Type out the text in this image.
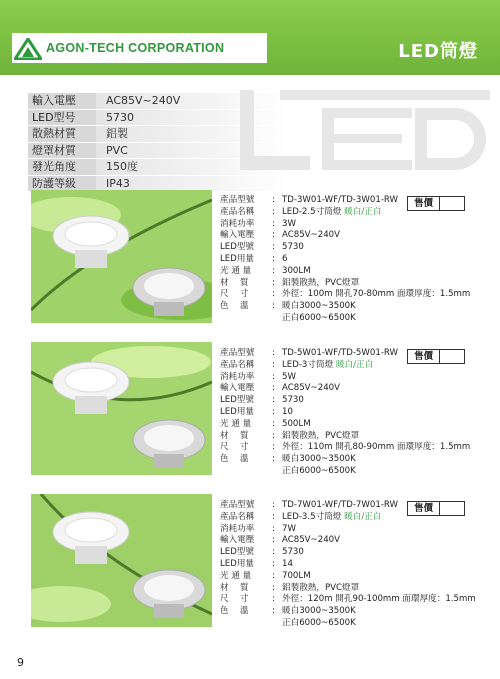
AGON-TECH CORPORATION	LED筒燈
輸入電壓	AC85V~240V
LED型号	5730
散熱材質	鋁製
燈罩材質	PVC
發光角度	150度
防護等級	IP43
產品型號 : TD-3W01-WF/TD-3W01-RW
產品名稱 : LED-2.5寸筒燈 暖白/正白
消耗功率 : 3W
輸入電壓 : AC85V~240V
LED型號 : 5730
LED用量 : 6
光 通 量 : 300LM
材　 質	: 鋁製散熱，PVC燈罩
尺　 寸	: 外徑：100m 開孔70-80mm 面環厚度：1.5mm
色　 溫	: 暖白3000~3500K
正白6000~6500K
售價
產品型號 : TD-5W01-WF/TD-5W01-RW
產品名稱 : LED-3寸筒燈 暖白/正白
消耗功率 : 5W
輸入電壓 : AC85V~240V
LED型號 : 5730
LED用量 : 10
光 通 量 : 500LM
材　 質	: 鋁製散熱，PVC燈罩
尺　 寸	: 外徑：110m 開孔80-90mm 面環厚度：1.5mm
色　 溫	: 暖白3000~3500K
正白6000~6500K
售價
產品型號 : TD-7W01-WF/TD-7W01-RW
產品名稱 : LED-3.5寸筒燈 暖白/正白
消耗功率 : 7W
輸入電壓 : AC85V~240V
LED型號 : 5730
LED用量 : 14
光 通 量 : 700LM
材　 質	: 鋁製散熱，PVC燈罩
尺　 寸	: 外徑：120m 開孔90-100mm 面環厚度：1.5mm
色　 溫	: 暖白3000~3500K
正白6000~6500K
售價
9
